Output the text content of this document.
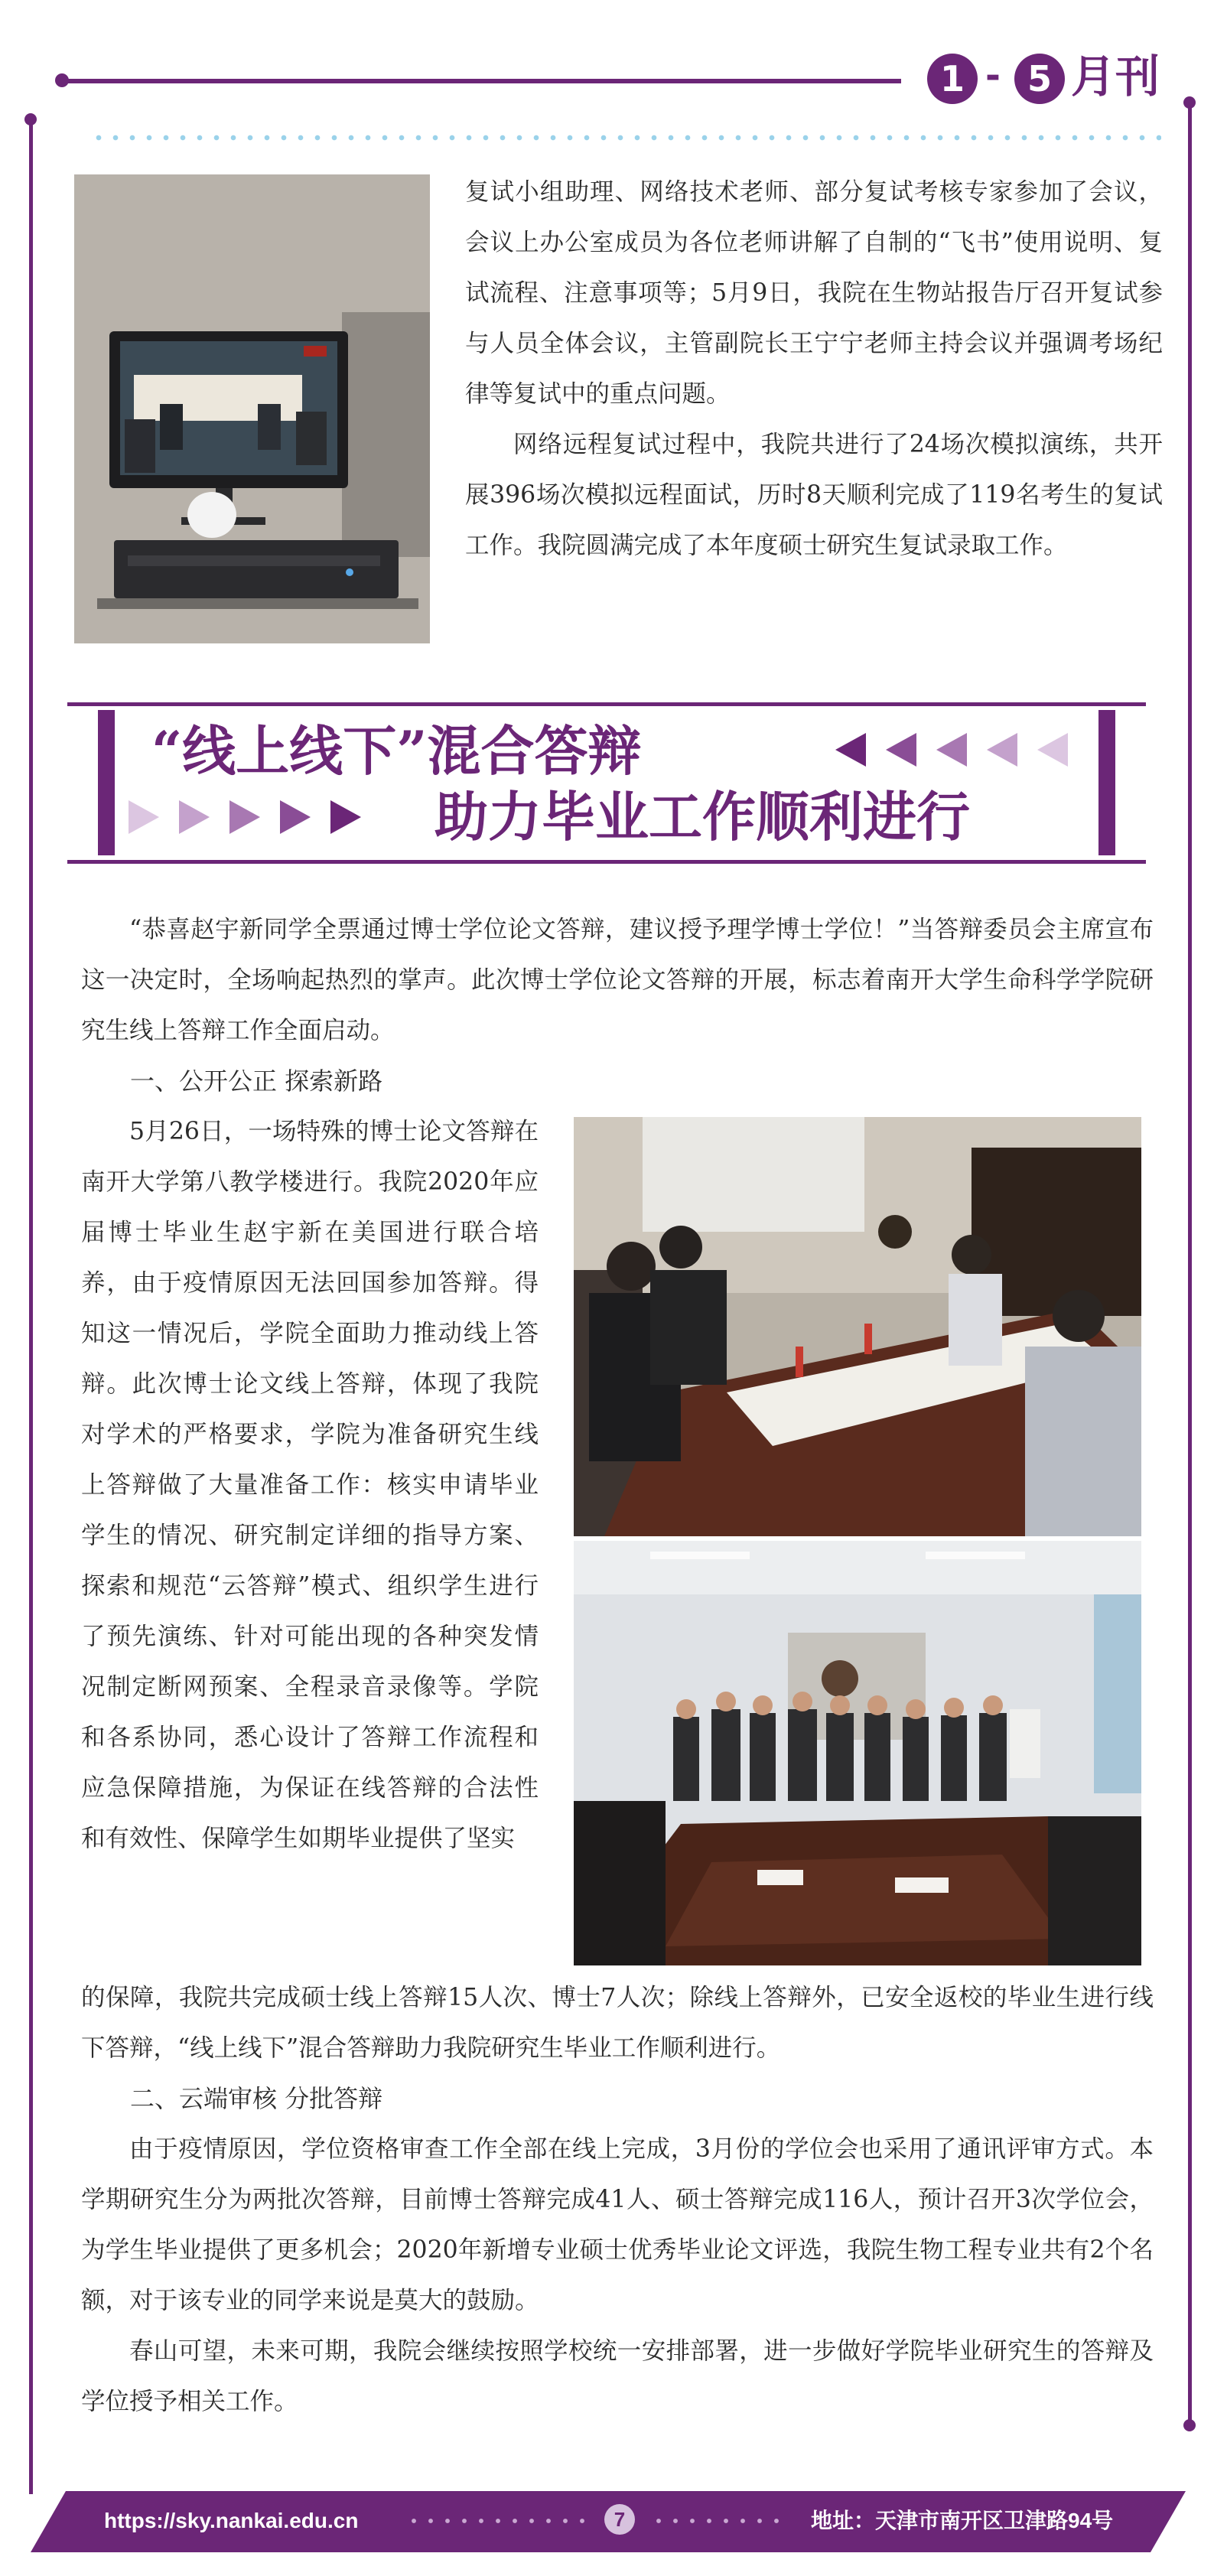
1 - 5 月刊

复试小组助理、网络技术老师、部分复试考核专家参加了会议，会议上办公室成员为各位老师讲解了自制的“飞书”使用说明、复试流程、注意事项等；5月9日，我院在生物站报告厅召开复试参与人员全体会议，主管副院长王宁宁老师主持会议并强调考场纪律等复试中的重点问题。

网络远程复试过程中，我院共进行了24场次模拟演练，共开展396场次模拟远程面试，历时8天顺利完成了119名考生的复试工作。我院圆满完成了本年度硕士研究生复试录取工作。

“线上线下”混合答辩
助力毕业工作顺利进行

“恭喜赵宇新同学全票通过博士学位论文答辩，建议授予理学博士学位！”当答辩委员会主席宣布这一决定时，全场响起热烈的掌声。此次博士学位论文答辩的开展，标志着南开大学生命科学学院研究生线上答辩工作全面启动。

一、公开公正 探索新路

5月26日，一场特殊的博士论文答辩在南开大学第八教学楼进行。我院2020年应届博士毕业生赵宇新在美国进行联合培养，由于疫情原因无法回国参加答辩。得知这一情况后，学院全面助力推动线上答辩。此次博士论文线上答辩，体现了我院对学术的严格要求，学院为准备研究生线上答辩做了大量准备工作：核实申请毕业学生的情况、研究制定详细的指导方案、探索和规范“云答辩”模式、组织学生进行了预先演练、针对可能出现的各种突发情况制定断网预案、全程录音录像等。学院和各系协同，悉心设计了答辩工作流程和应急保障措施，为保证在线答辩的合法性和有效性、保障学生如期毕业提供了坚实

的保障，我院共完成硕士线上答辩15人次、博士7人次；除线上答辩外，已安全返校的毕业生进行线下答辩，“线上线下”混合答辩助力我院研究生毕业工作顺利进行。

二、云端审核 分批答辩

由于疫情原因，学位资格审查工作全部在线上完成，3月份的学位会也采用了通讯评审方式。本学期研究生分为两批次答辩，目前博士答辩完成41人、硕士答辩完成116人，预计召开3次学位会，为学生毕业提供了更多机会；2020年新增专业硕士优秀毕业论文评选，我院生物工程专业共有2个名额，对于该专业的同学来说是莫大的鼓励。

春山可望，未来可期，我院会继续按照学校统一安排部署，进一步做好学院毕业研究生的答辩及学位授予相关工作。

https://sky.nankai.edu.cn	7	地址：天津市南开区卫津路94号
